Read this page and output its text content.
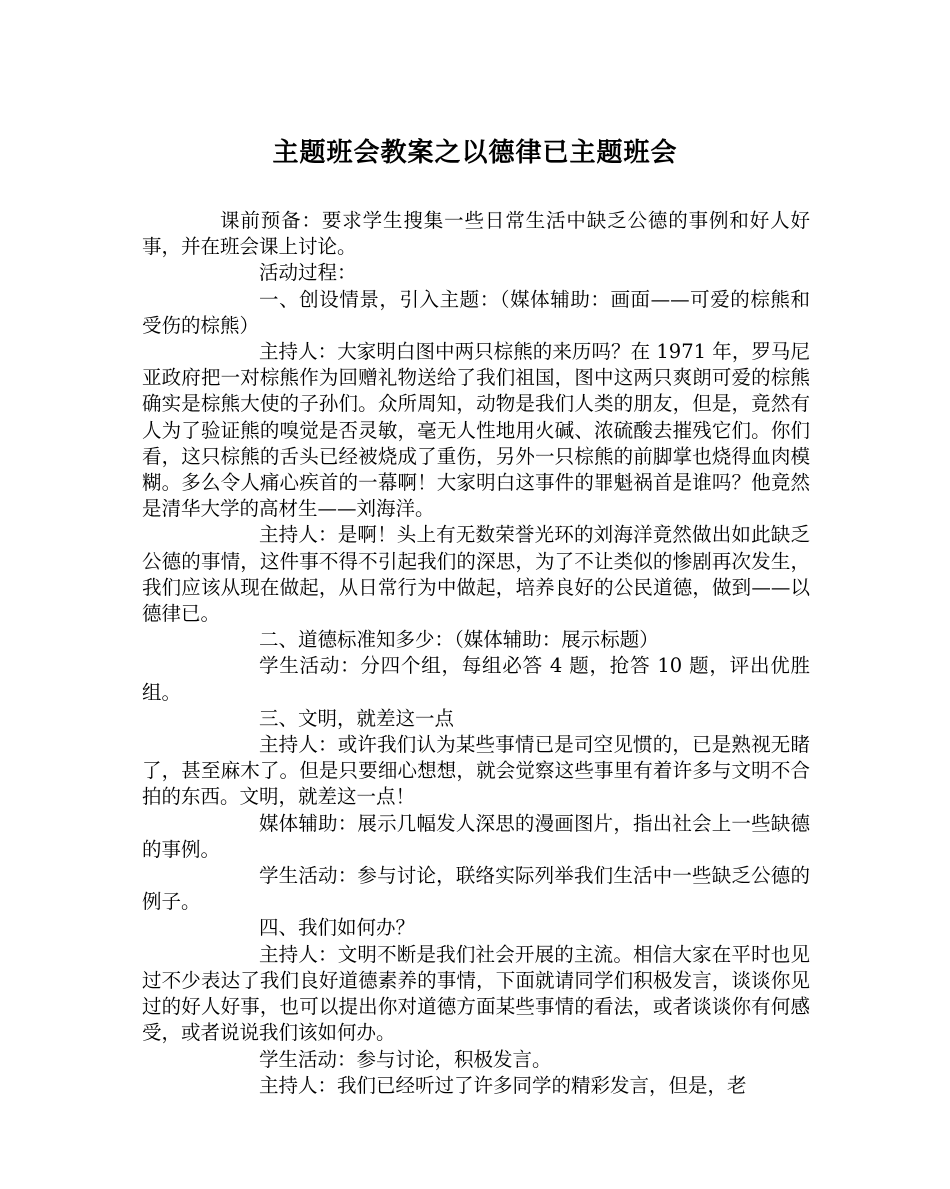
主题班会教案之以德律已主题班会

课前预备：要求学生搜集一些日常生活中缺乏公德的事例和好人好事，并在班会课上讨论。

活动过程：

一、创设情景，引入主题：（媒体辅助：画面——可爱的棕熊和受伤的棕熊）

主持人：大家明白图中两只棕熊的来历吗？在 1971 年，罗马尼亚政府把一对棕熊作为回赠礼物送给了我们祖国，图中这两只爽朗可爱的棕熊确实是棕熊大使的子孙们。众所周知，动物是我们人类的朋友，但是，竟然有人为了验证熊的嗅觉是否灵敏，毫无人性地用火碱、浓硫酸去摧残它们。你们看，这只棕熊的舌头已经被烧成了重伤，另外一只棕熊的前脚掌也烧得血肉模糊。多么令人痛心疾首的一幕啊！大家明白这事件的罪魁祸首是谁吗？他竟然是清华大学的高材生——刘海洋。

主持人：是啊！头上有无数荣誉光环的刘海洋竟然做出如此缺乏公德的事情，这件事不得不引起我们的深思，为了不让类似的惨剧再次发生，我们应该从现在做起，从日常行为中做起，培养良好的公民道德，做到——以德律已。

二、道德标准知多少：（媒体辅助：展示标题）

学生活动：分四个组，每组必答 4 题，抢答 10 题，评出优胜组。

三、文明，就差这一点

主持人：或许我们认为某些事情已是司空见惯的，已是熟视无睹了，甚至麻木了。但是只要细心想想，就会觉察这些事里有着许多与文明不合拍的东西。文明，就差这一点！

媒体辅助：展示几幅发人深思的漫画图片，指出社会上一些缺德的事例。

学生活动：参与讨论，联络实际列举我们生活中一些缺乏公德的例子。

四、我们如何办？

主持人：文明不断是我们社会开展的主流。相信大家在平时也见过不少表达了我们良好道德素养的事情，下面就请同学们积极发言，谈谈你见过的好人好事，也可以提出你对道德方面某些事情的看法，或者谈谈你有何感受，或者说说我们该如何办。

学生活动：参与讨论，积极发言。

主持人：我们已经听过了许多同学的精彩发言，但是，老
